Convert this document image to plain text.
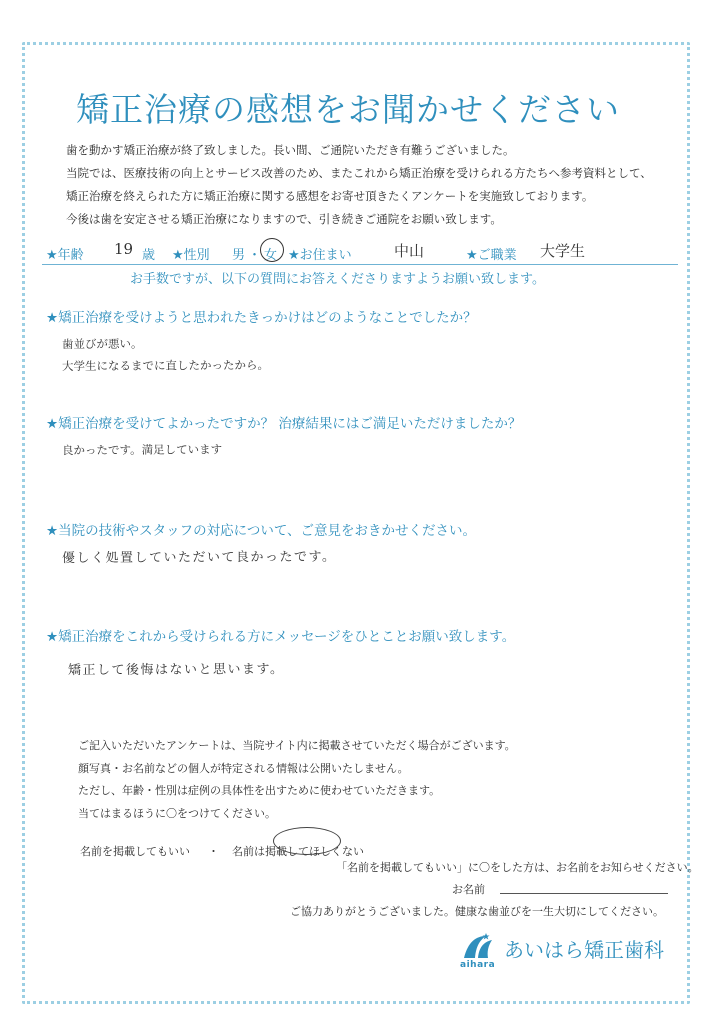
矯正治療の感想をお聞かせください
歯を動かす矯正治療が終了致しました。長い間、ご通院いただき有難うございました。
当院では、医療技術の向上とサービス改善のため、またこれから矯正治療を受けられる方たちへ参考資料として、
矯正治療を終えられた方に矯正治療に関する感想をお寄せ頂きたくアンケートを実施致しております。
今後は歯を安定させる矯正治療になりますので、引き続きご通院をお願い致します。
★年齢 19 歳 ★性別 男 ・ 女 ★お住まい	中山	★ご職業 大学生
お手数ですが、以下の質問にお答えくださりますようお願い致します。
★矯正治療を受けようと思われたきっかけはどのようなことでしたか？
歯並びが悪い。
大学生になるまでに直したかったから。
★矯正治療を受けてよかったですか？ 治療結果にはご満足いただけましたか？
良かったです。満足しています
★当院の技術やスタッフの対応について、ご意見をおきかせください。
優しく処置していただいて良かったです。
★矯正治療をこれから受けられる方にメッセージをひとことお願い致します。
矯正して後悔はないと思います。
ご記入いただいたアンケートは、当院サイト内に掲載させていただく場合がございます。
顔写真・お名前などの個人が特定される情報は公開いたしません。
ただし、年齢・性別は症例の具体性を出すために使わせていただきます。
当てはまるほうに〇をつけてください。
名前を掲載してもいい ・ 名前は掲載してほしくない
「名前を掲載してもいい」に〇をした方は、お名前をお知らせください。
お名前
ご協力ありがとうございました。健康な歯並びを一生大切にしてください。
aihara
あいはら矯正歯科
